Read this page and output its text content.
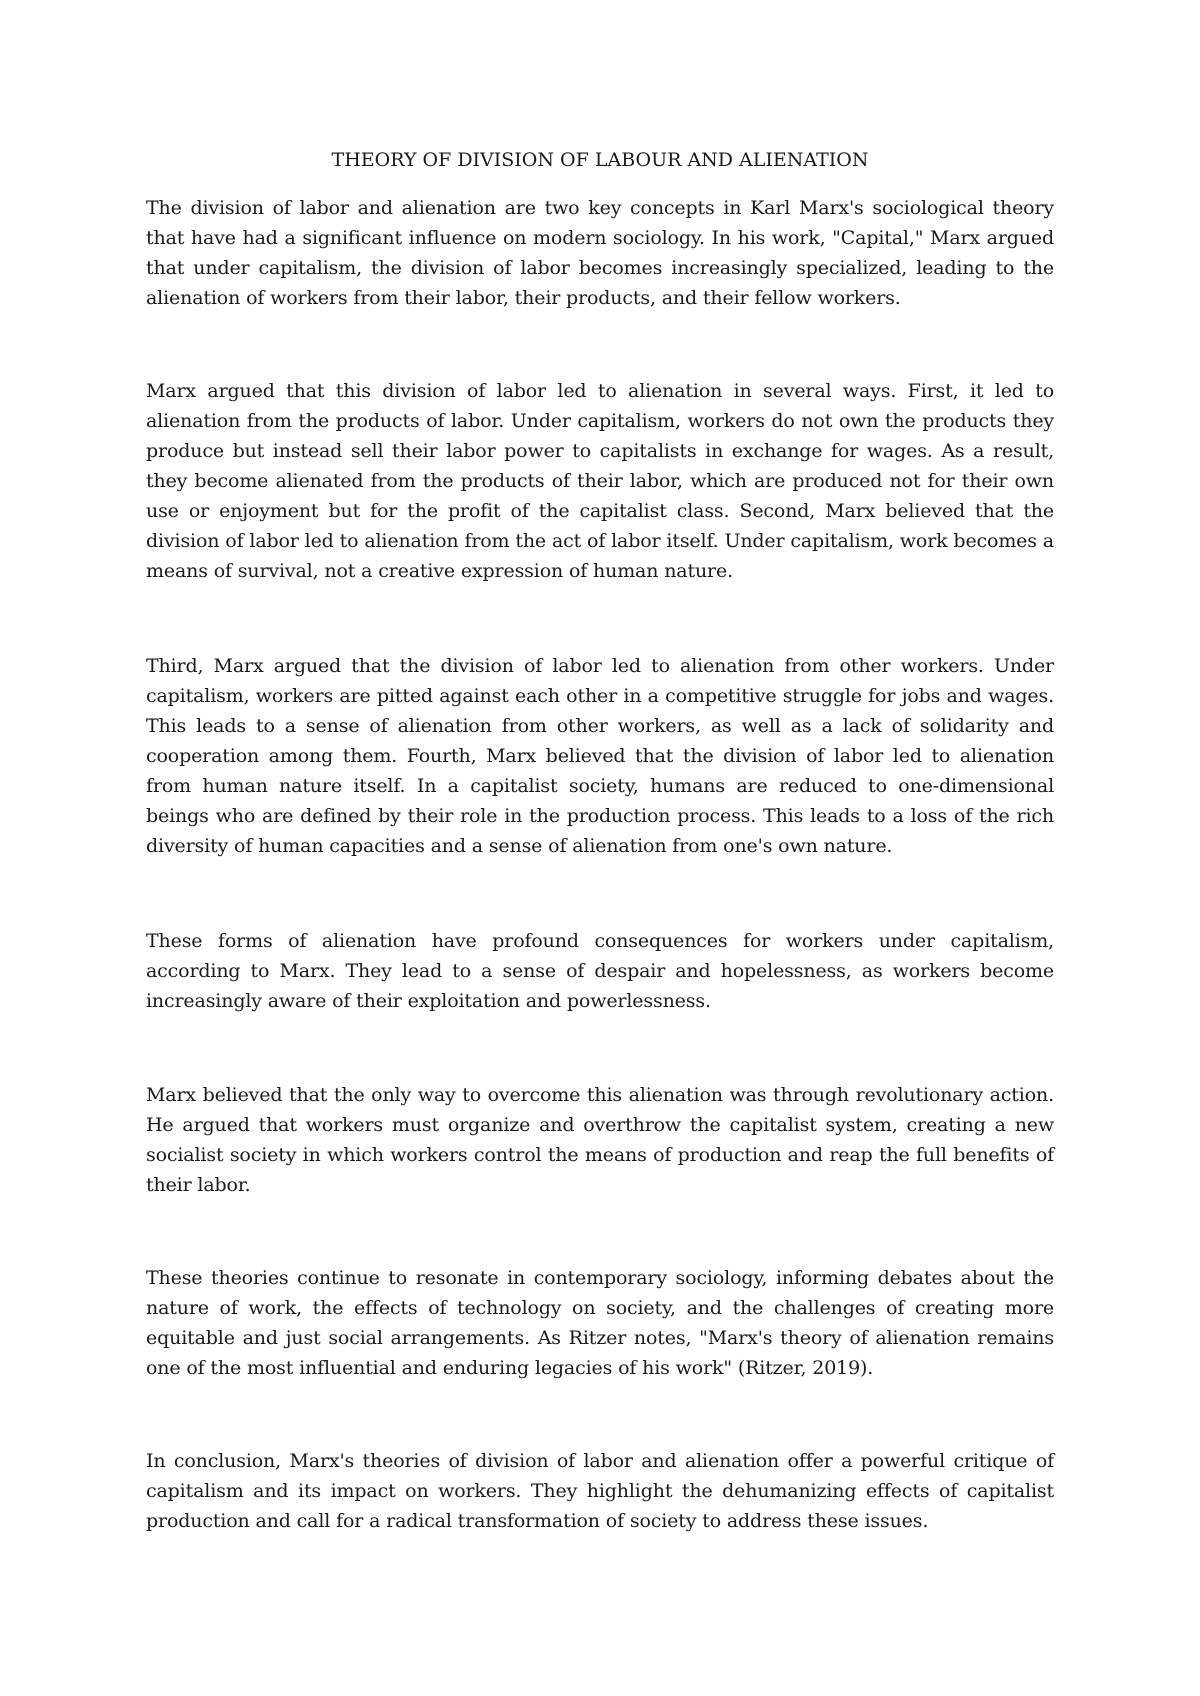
THEORY OF DIVISION OF LABOUR AND ALIENATION

The division of labor and alienation are two key concepts in Karl Marx's sociological theory that have had a significant influence on modern sociology. In his work, "Capital," Marx argued that under capitalism, the division of labor becomes increasingly specialized, leading to the alienation of workers from their labor, their products, and their fellow workers.

Marx argued that this division of labor led to alienation in several ways. First, it led to alienation from the products of labor. Under capitalism, workers do not own the products they produce but instead sell their labor power to capitalists in exchange for wages. As a result, they become alienated from the products of their labor, which are produced not for their own use or enjoyment but for the profit of the capitalist class. Second, Marx believed that the division of labor led to alienation from the act of labor itself. Under capitalism, work becomes a means of survival, not a creative expression of human nature.

Third, Marx argued that the division of labor led to alienation from other workers. Under capitalism, workers are pitted against each other in a competitive struggle for jobs and wages. This leads to a sense of alienation from other workers, as well as a lack of solidarity and cooperation among them. Fourth, Marx believed that the division of labor led to alienation from human nature itself. In a capitalist society, humans are reduced to one-dimensional beings who are defined by their role in the production process. This leads to a loss of the rich diversity of human capacities and a sense of alienation from one's own nature.

These forms of alienation have profound consequences for workers under capitalism, according to Marx. They lead to a sense of despair and hopelessness, as workers become increasingly aware of their exploitation and powerlessness.

Marx believed that the only way to overcome this alienation was through revolutionary action. He argued that workers must organize and overthrow the capitalist system, creating a new socialist society in which workers control the means of production and reap the full benefits of their labor.

These theories continue to resonate in contemporary sociology, informing debates about the nature of work, the effects of technology on society, and the challenges of creating more equitable and just social arrangements. As Ritzer notes, "Marx's theory of alienation remains one of the most influential and enduring legacies of his work" (Ritzer, 2019).

In conclusion, Marx's theories of division of labor and alienation offer a powerful critique of capitalism and its impact on workers. They highlight the dehumanizing effects of capitalist production and call for a radical transformation of society to address these issues.
